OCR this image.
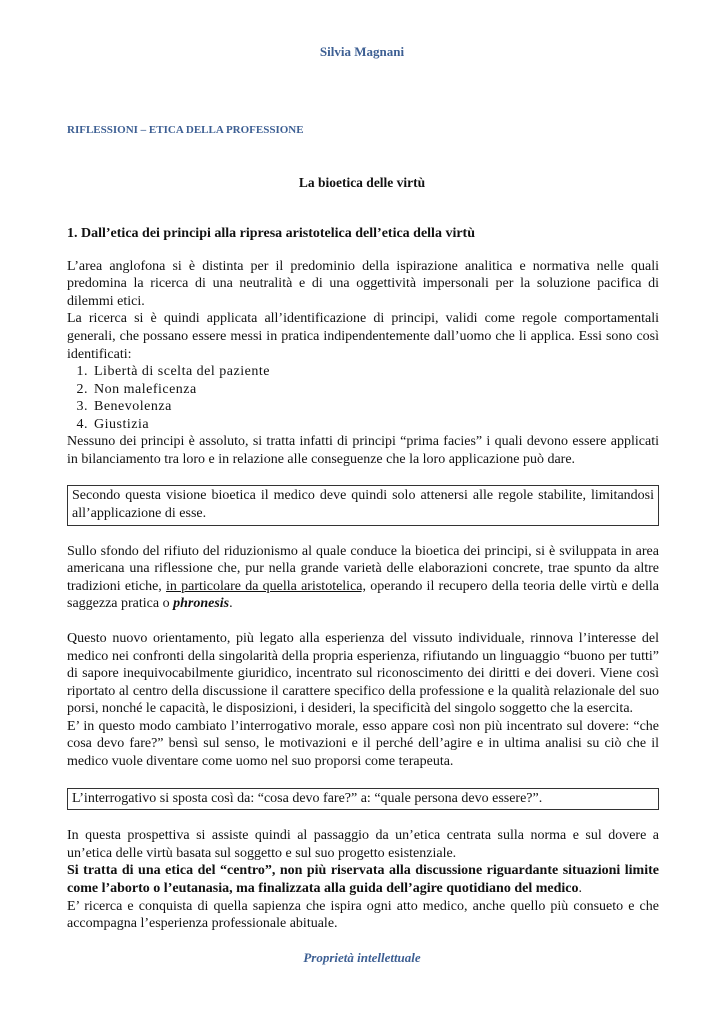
Silvia Magnani
RIFLESSIONI – ETICA DELLA PROFESSIONE
La bioetica delle virtù

1. Dall’etica dei principi alla ripresa aristotelica dell’etica della virtù

L’area anglofona si è distinta per il predominio della ispirazione analitica e normativa nelle quali predomina la ricerca di una neutralità e di una oggettività impersonali per la soluzione pacifica di dilemmi etici.

La ricerca si è quindi applicata all’identificazione di principi, validi come regole comportamentali generali, che possano essere messi in pratica indipendentemente dall’uomo che li applica. Essi sono così identificati:

1. Libertà di scelta del paziente
2. Non maleficenza
3. Benevolenza
4. Giustizia

Nessuno dei principi è assoluto, si tratta infatti di principi “prima facies” i quali devono essere applicati in bilanciamento tra loro e in relazione alle conseguenze che la loro applicazione può dare.

Secondo questa visione bioetica il medico deve quindi solo attenersi alle regole stabilite, limitandosi all’applicazione di esse.

Sullo sfondo del rifiuto del riduzionismo al quale conduce la bioetica dei principi, si è sviluppata in area americana una riflessione che, pur nella grande varietà delle elaborazioni concrete, trae spunto da altre tradizioni etiche, in particolare da quella aristotelica, operando il recupero della teoria delle virtù e della saggezza pratica o phronesis.

Questo nuovo orientamento, più legato alla esperienza del vissuto individuale, rinnova l’interesse del medico nei confronti della singolarità della propria esperienza, rifiutando un linguaggio “buono per tutti” di sapore inequivocabilmente giuridico, incentrato sul riconoscimento dei diritti e dei doveri. Viene così riportato al centro della discussione il carattere specifico della professione e la qualità relazionale del suo porsi, nonché le capacità, le disposizioni, i desideri, la specificità del singolo soggetto che la esercita.

E’ in questo modo cambiato l’interrogativo morale, esso appare così non più incentrato sul dovere: “che cosa devo fare?” bensì sul senso, le motivazioni e il perché dell’agire e in ultima analisi su ciò che il medico vuole diventare come uomo nel suo proporsi come terapeuta.

L’interrogativo si sposta così da: “cosa devo fare?” a: “quale persona devo essere?”.

In questa prospettiva si assiste quindi al passaggio da un’etica centrata sulla norma e sul dovere a un’etica delle virtù basata sul soggetto e sul suo progetto esistenziale.

Si tratta di una etica del “centro”, non più riservata alla discussione riguardante situazioni limite come l’aborto o l’eutanasia, ma finalizzata alla guida dell’agire quotidiano del medico.

E’ ricerca e conquista di quella sapienza che ispira ogni atto medico, anche quello più consueto e che accompagna l’esperienza professionale abituale.

Proprietà intellettuale
